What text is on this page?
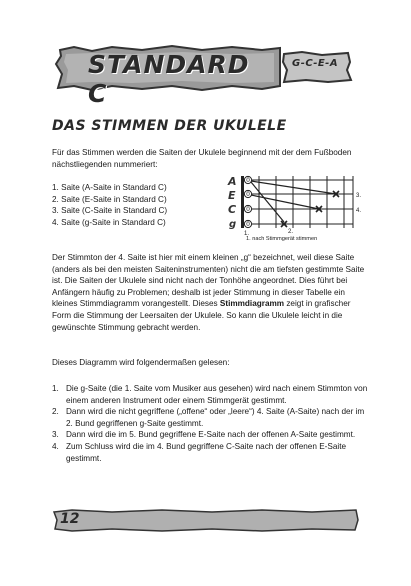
STANDARD C
G-C-E-A
DAS STIMMEN DER UKULELE
Für das Stimmen werden die Saiten der Ukulele beginnend mit der dem Fußboden nächstliegenden nummeriert:
1. Saite (A-Saite in Standard C)
2. Saite (E-Saite in Standard C)
3. Saite (C-Saite in Standard C)
4. Saite (g-Saite in Standard C)
A
E
C
g
0
0
0
0
1.	2.
3.
4.
1. nach Stimmgerät stimmen
Der Stimmton der 4. Saite ist hier mit einem kleinen „g“ bezeichnet, weil diese Saite (anders als bei den meisten Saiteninstrumenten) nicht die am tiefsten gestimmte Saite ist. Die Saiten der Ukulele sind nicht nach der Tonhöhe angeordnet. Dies führt bei Anfängern häufig zu Problemen; deshalb ist jeder Stimmung in dieser Tabelle ein kleines Stimmdiagramm vorangestellt. Dieses Stimmdiagramm zeigt in grafischer Form die Stimmung der Leersaiten der Ukulele. So kann die Ukulele leicht in die gewünschte Stimmung gebracht werden.
Dieses Diagramm wird folgendermaßen gelesen:
1. Die g-Saite (die 1. Saite vom Musiker aus gesehen) wird nach einem Stimmton von einem anderen Instrument oder einem Stimmgerät gestimmt.
2. Dann wird die nicht gegriffene („offene“ oder „leere“) 4. Saite (A-Saite) nach der im 2. Bund gegriffenen g-Saite gestimmt.
3. Dann wird die im 5. Bund gegriffene E-Saite nach der offenen A-Saite gestimmt.
4. Zum Schluss wird die im 4. Bund gegriffene C-Saite nach der offenen E-Saite gestimmt.
12
